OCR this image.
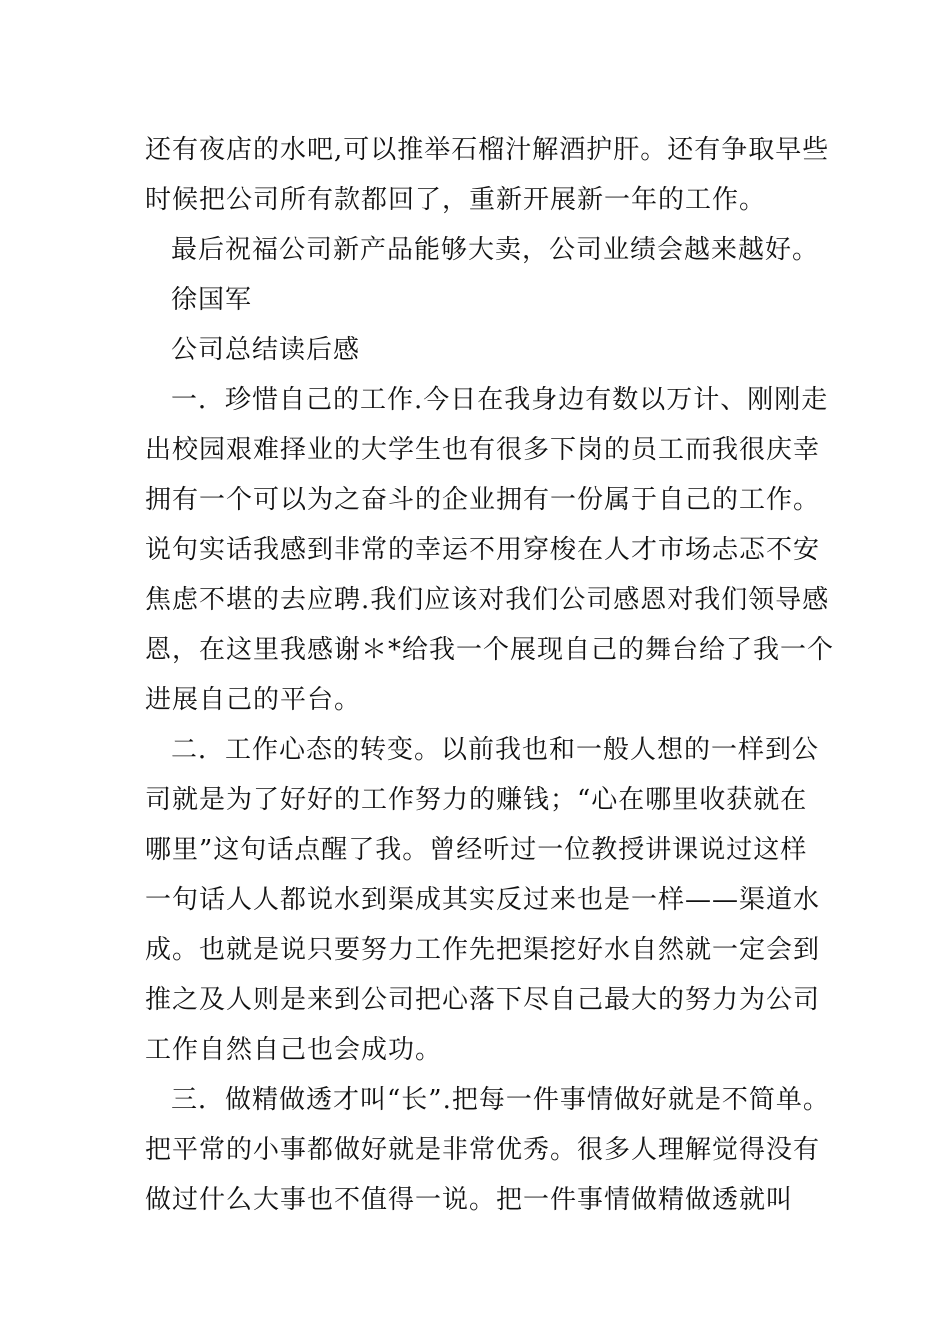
还有夜店的水吧,可以推举石榴汁解酒护肝。还有争取早些
时候把公司所有款都回了，重新开展新一年的工作。
最后祝福公司新产品能够大卖，公司业绩会越来越好。
徐国军
公司总结读后感
一．珍惜自己的工作.今日在我身边有数以万计、刚刚走
出校园艰难择业的大学生也有很多下岗的员工而我很庆幸
拥有一个可以为之奋斗的企业拥有一份属于自己的工作。
说句实话我感到非常的幸运不用穿梭在人才市场忐忑不安
焦虑不堪的去应聘.我们应该对我们公司感恩对我们领导感
恩，在这里我感谢＊*给我一个展现自己的舞台给了我一个
进展自己的平台。
二．工作心态的转变。以前我也和一般人想的一样到公
司就是为了好好的工作努力的赚钱；“心在哪里收获就在
哪里”这句话点醒了我。曾经听过一位教授讲课说过这样
一句话人人都说水到渠成其实反过来也是一样——渠道水
成。也就是说只要努力工作先把渠挖好水自然就一定会到
推之及人则是来到公司把心落下尽自己最大的努力为公司
工作自然自己也会成功。
三．做精做透才叫“长”.把每一件事情做好就是不简单。
把平常的小事都做好就是非常优秀。很多人理解觉得没有
做过什么大事也不值得一说。把一件事情做精做透就叫
